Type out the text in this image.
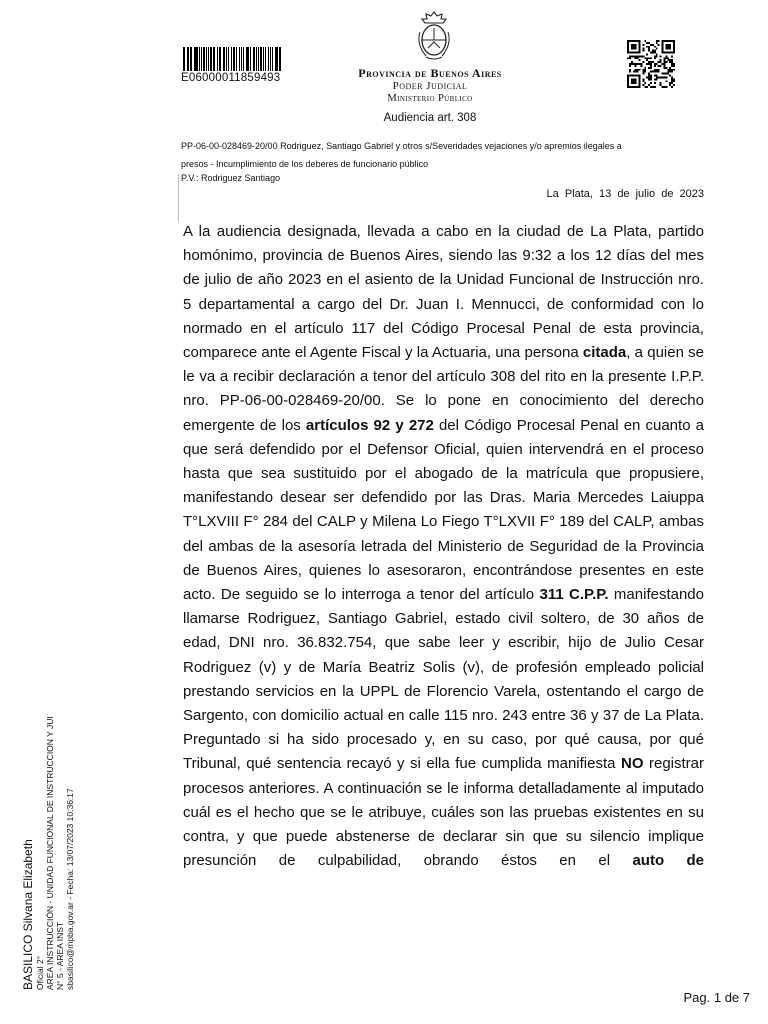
E06000011859493	Provincia de Buenos Aires
Poder Judicial
Ministerio Público
Audiencia art. 308
PP-06-00-028469-20/00 Rodriguez, Santiago Gabriel y otros s/Severidades vejaciones y/o apremios ilegales a
presos - Incumplimiento de los deberes de funcionario público
P.V.: Rodriguez Santiago
La Plata, 13 de julio de 2023
A la audiencia designada, llevada a cabo en la ciudad de La Plata, partido homónimo, provincia de Buenos Aires, siendo las 9:32 a los 12 días del mes de julio de año 2023 en el asiento de la Unidad Funcional de Instrucción nro. 5 departamental a cargo del Dr. Juan I. Mennucci, de conformidad con lo normado en el artículo 117 del Código Procesal Penal de esta provincia, comparece ante el Agente Fiscal y la Actuaria, una persona citada, a quien se le va a recibir declaración a tenor del artículo 308 del rito en la presente I.P.P. nro. PP-06-00-028469-20/00. Se lo pone en conocimiento del derecho emergente de los artículos 92 y 272 del Código Procesal Penal en cuanto a que será defendido por el Defensor Oficial, quien intervendrá en el proceso hasta que sea sustituido por el abogado de la matrícula que propusiere, manifestando desear ser defendido por las Dras. Maria Mercedes Laiuppa T°LXVIII F° 284 del CALP y Milena Lo Fiego T°LXVII F° 189 del CALP, ambas del ambas de la asesoría letrada del Ministerio de Seguridad de la Provincia de Buenos Aires, quienes lo asesoraron, encontrándose presentes en este acto. De seguido se lo interroga a tenor del artículo 311 C.P.P. manifestando llamarse Rodriguez, Santiago Gabriel, estado civil soltero, de 30 años de edad, DNI nro. 36.832.754, que sabe leer y escribir, hijo de Julio Cesar Rodriguez (v) y de María Beatriz Solis (v), de profesión empleado policial prestando servicios en la UPPL de Florencio Varela, ostentando el cargo de Sargento, con domicilio actual en calle 115 nro. 243 entre 36 y 37 de La Plata. Preguntado si ha sido procesado y, en su caso, por qué causa, por qué Tribunal, qué sentencia recayó y si ella fue cumplida manifiesta NO registrar procesos anteriores. A continuación se le informa detalladamente al imputado cuál es el hecho que se le atribuye, cuáles son las pruebas existentes en su contra, y que puede abstenerse de declarar sin que su silencio implique presunción de culpabilidad, obrando éstos en el auto de
BASILICO Silvana Elizabeth Oficial 2° AREA INSTRUCCIÓN - UNIDAD FUNCIONAL DE INSTRUCCION Y JUI N° 5 - AREA INST sbasilico@mpba.gov.ar - Fecha: 13/07/2023 10:36:17
Pag. 1 de 7
